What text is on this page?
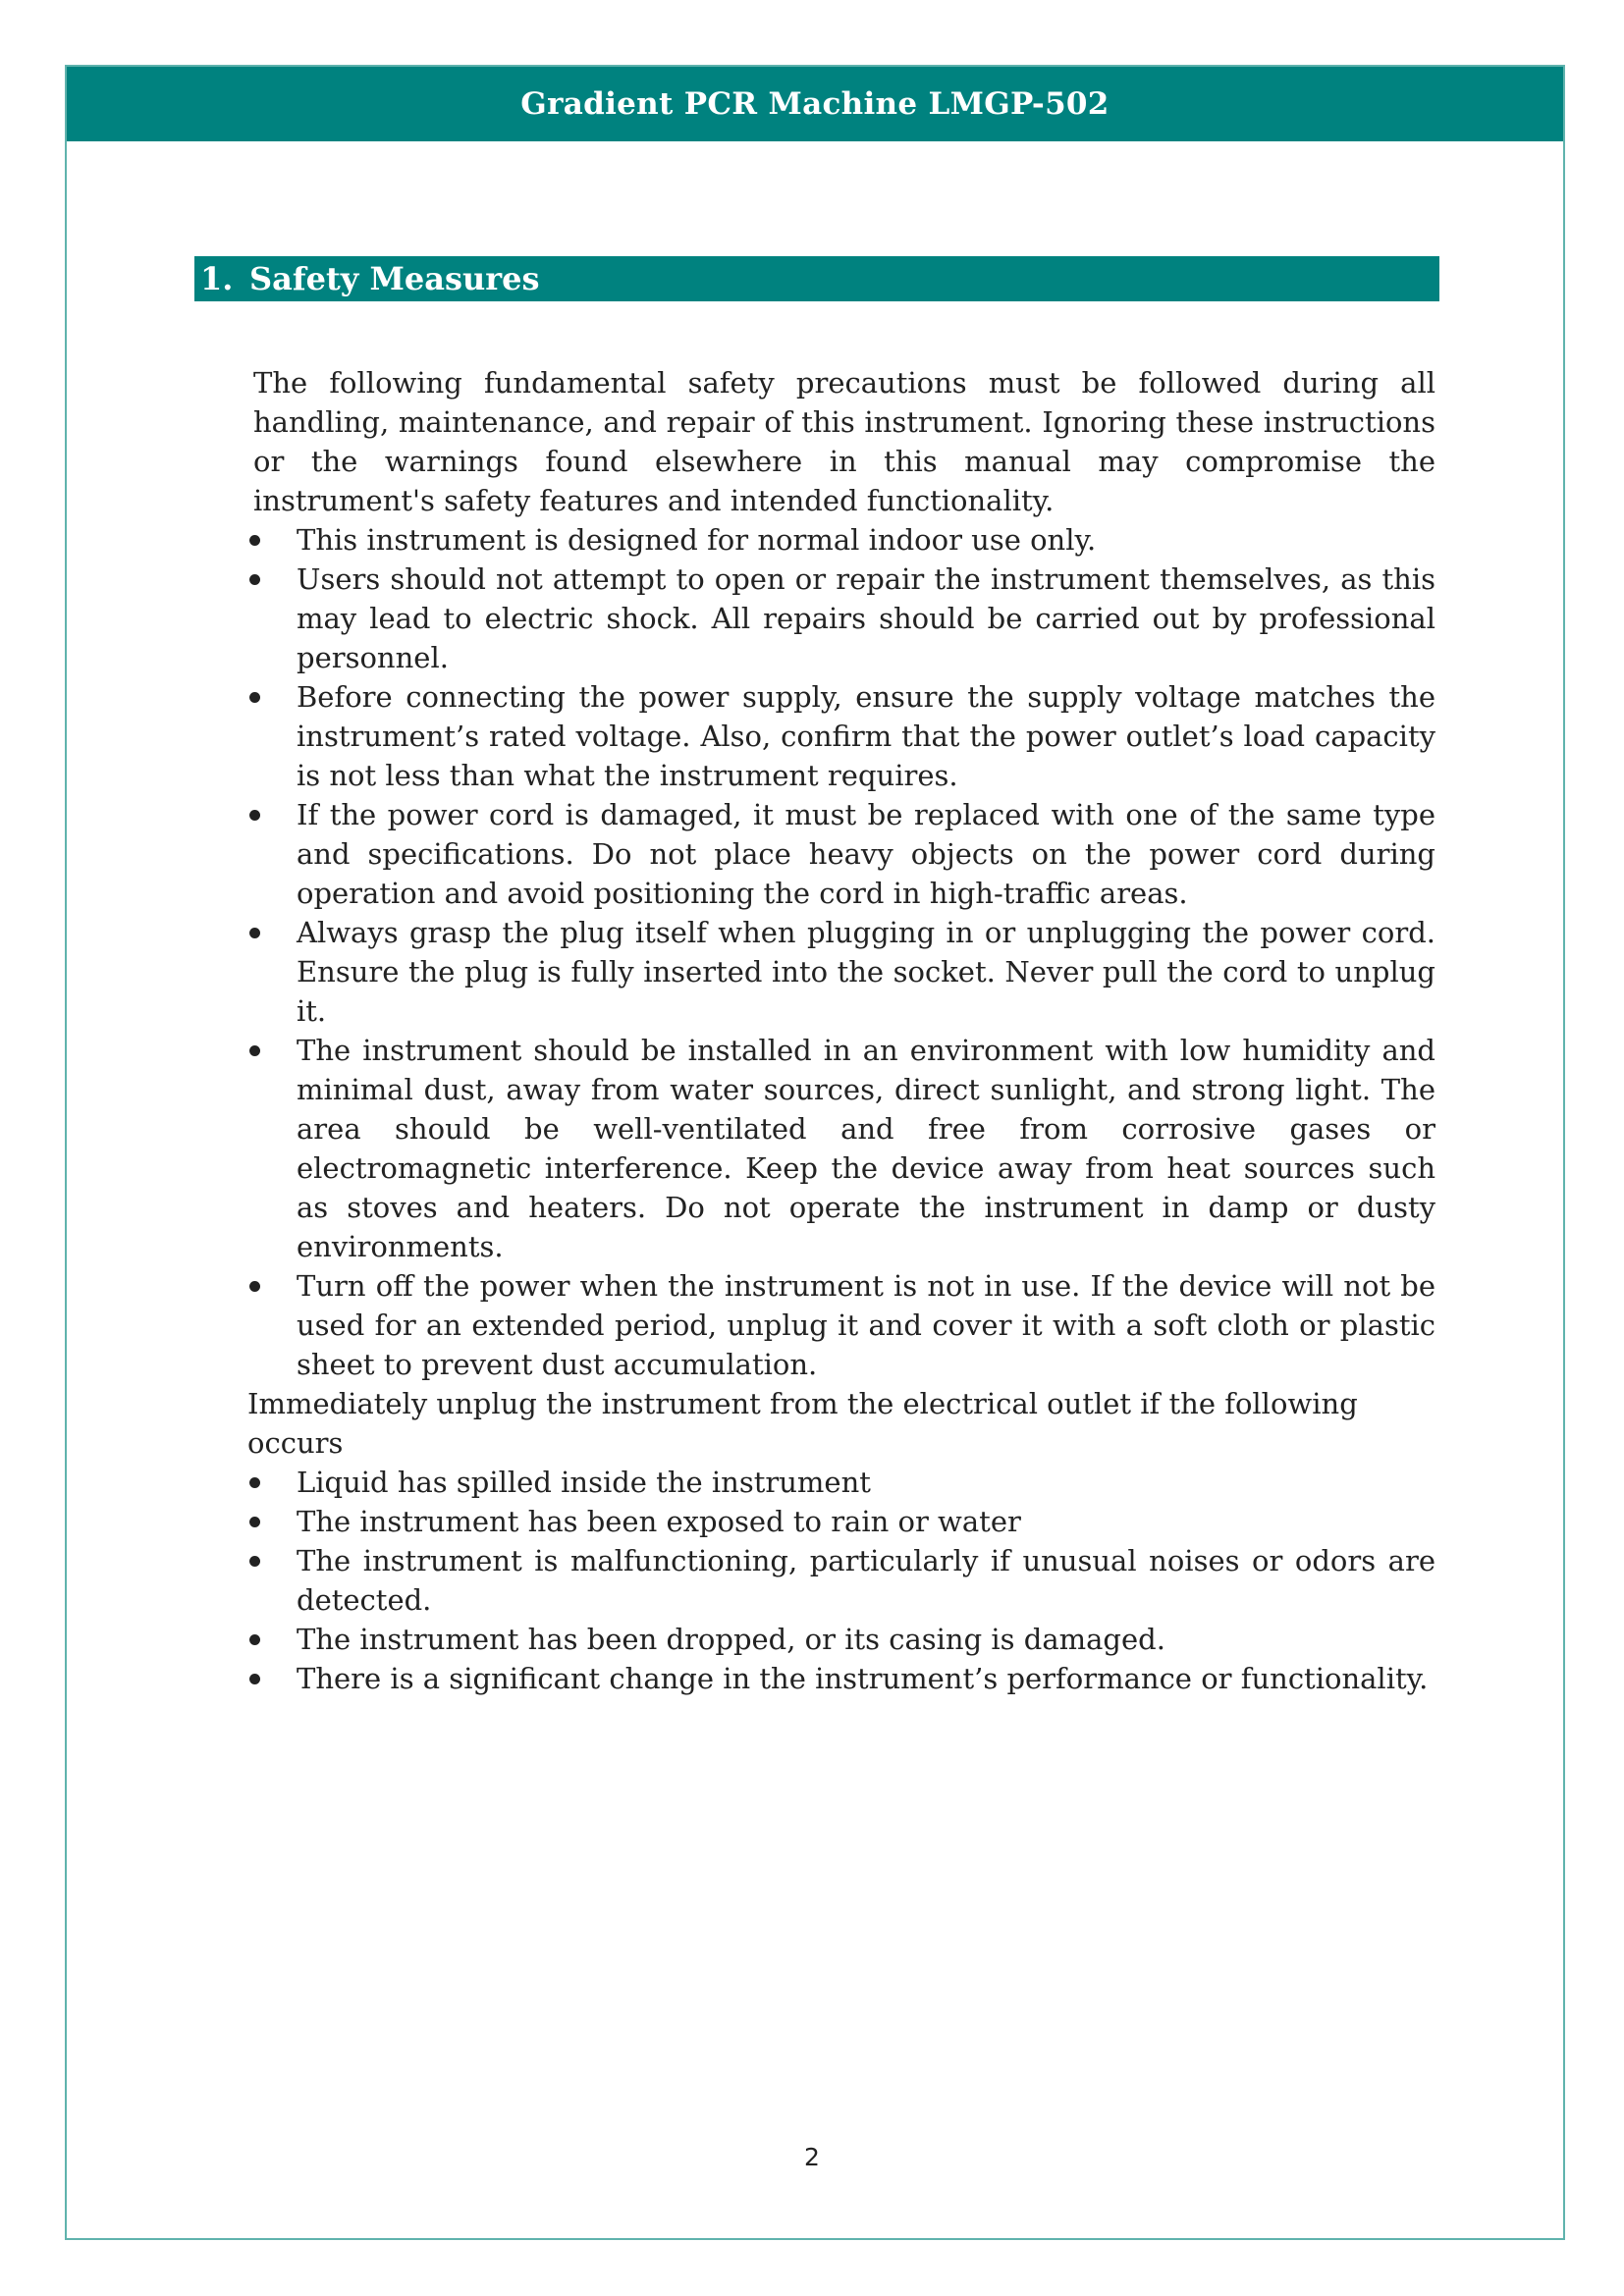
Gradient PCR Machine LMGP-502
1. Safety Measures

The following fundamental safety precautions must be followed during all handling, maintenance, and repair of this instrument. Ignoring these instructions or the warnings found elsewhere in this manual may compromise the instrument's safety features and intended functionality.

This instrument is designed for normal indoor use only.
Users should not attempt to open or repair the instrument themselves, as this may lead to electric shock. All repairs should be carried out by professional personnel.
Before connecting the power supply, ensure the supply voltage matches the instrument’s rated voltage. Also, confirm that the power outlet’s load capacity is not less than what the instrument requires.
If the power cord is damaged, it must be replaced with one of the same type and specifications. Do not place heavy objects on the power cord during operation and avoid positioning the cord in high-traffic areas.
Always grasp the plug itself when plugging in or unplugging the power cord. Ensure the plug is fully inserted into the socket. Never pull the cord to unplug it.
The instrument should be installed in an environment with low humidity and minimal dust, away from water sources, direct sunlight, and strong light. The area should be well-ventilated and free from corrosive gases or electromagnetic interference. Keep the device away from heat sources such as stoves and heaters. Do not operate the instrument in damp or dusty environments.
Turn off the power when the instrument is not in use. If the device will not be used for an extended period, unplug it and cover it with a soft cloth or plastic sheet to prevent dust accumulation.

Immediately unplug the instrument from the electrical outlet if the following occurs

Liquid has spilled inside the instrument
The instrument has been exposed to rain or water
The instrument is malfunctioning, particularly if unusual noises or odors are detected.
The instrument has been dropped, or its casing is damaged.
There is a significant change in the instrument’s performance or functionality.
2
